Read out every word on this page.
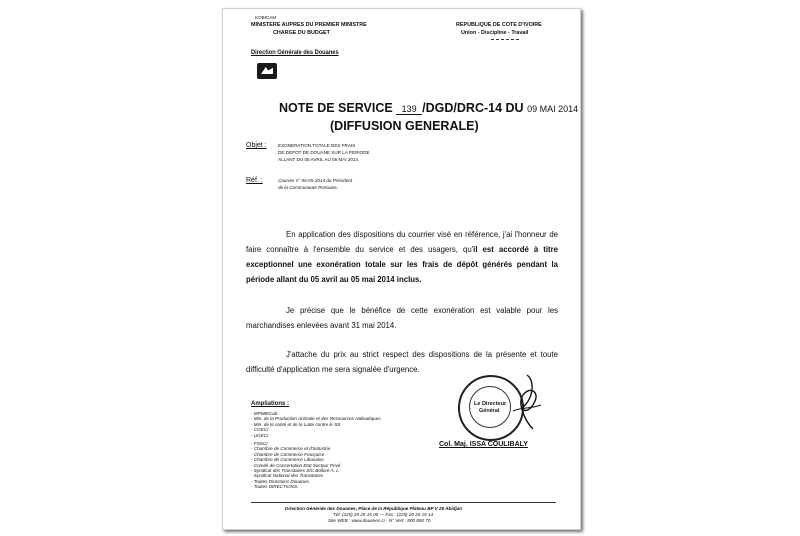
KOBICAM
MINISTERE AUPRES DU PREMIER MINISTRE
CHARGE DU BUDGET
Direction Générale des Douanes
REPUBLIQUE DE COTE D'IVOIRE
Union - Discipline - Travail
NOTE DE SERVICE 139 /DGD/DRC-14 DU 09 MAI 2014
(DIFFUSION GENERALE)
Objet : EXONERATION TOTALE DES FRAIS
DE DEPOT DE DOUANE SUR LA PERIODE
ALLANT DU 05 AVRIL AU 05 MAI 2014.
Réf. :	Courrier n° 06-05-2014 du Président
de la Communauté Portuaire.
En application des dispositions du courrier visé en référence, j'ai l'honneur de faire connaître à l'ensemble du service et des usagers, qu'il est accordé à titre exceptionnel une exonération totale sur les frais de dépôt générés pendant la période allant du 05 avril au 05 mai 2014 inclus.
Je précise que le bénéfice de cette exonération est valable pour les marchandises enlevées avant 31 mai 2014.
J'attache du prix au strict respect des dispositions de la présente et toute difficulté d'application me sera signalée d'urgence.
Ampliations :
- MPMB/Cab.
- Min. de la Production Animale et des Ressources Halieutiques,
- Min. de la santé et de la Lutte contre le SS
- CGECI
- UGECI
- FNSCI
- Chambre de Commerce et d'Industrie
- Chambre de Commerce Française
- Chambre de Commerce Libanaise
- Comité de Concertation Etat Secteur Privé
- Syndicat des Transitaires S/C Bolloré A. L.
- Syndicat National des Transitaires
- Toutes Directions Douanes.
- Toutes DIRECTIONS.
Le Directeur
Général
Col. Maj. ISSA COULIBALY
Direction Générale des Douanes, Place de la République Plateau BP V 25 Abidjan
Tél: (225) 20 25 15 00 — Fax : (225) 20 25 15 14
Site WEB : www.douanes.ci - N° Vert : 800 800 70
